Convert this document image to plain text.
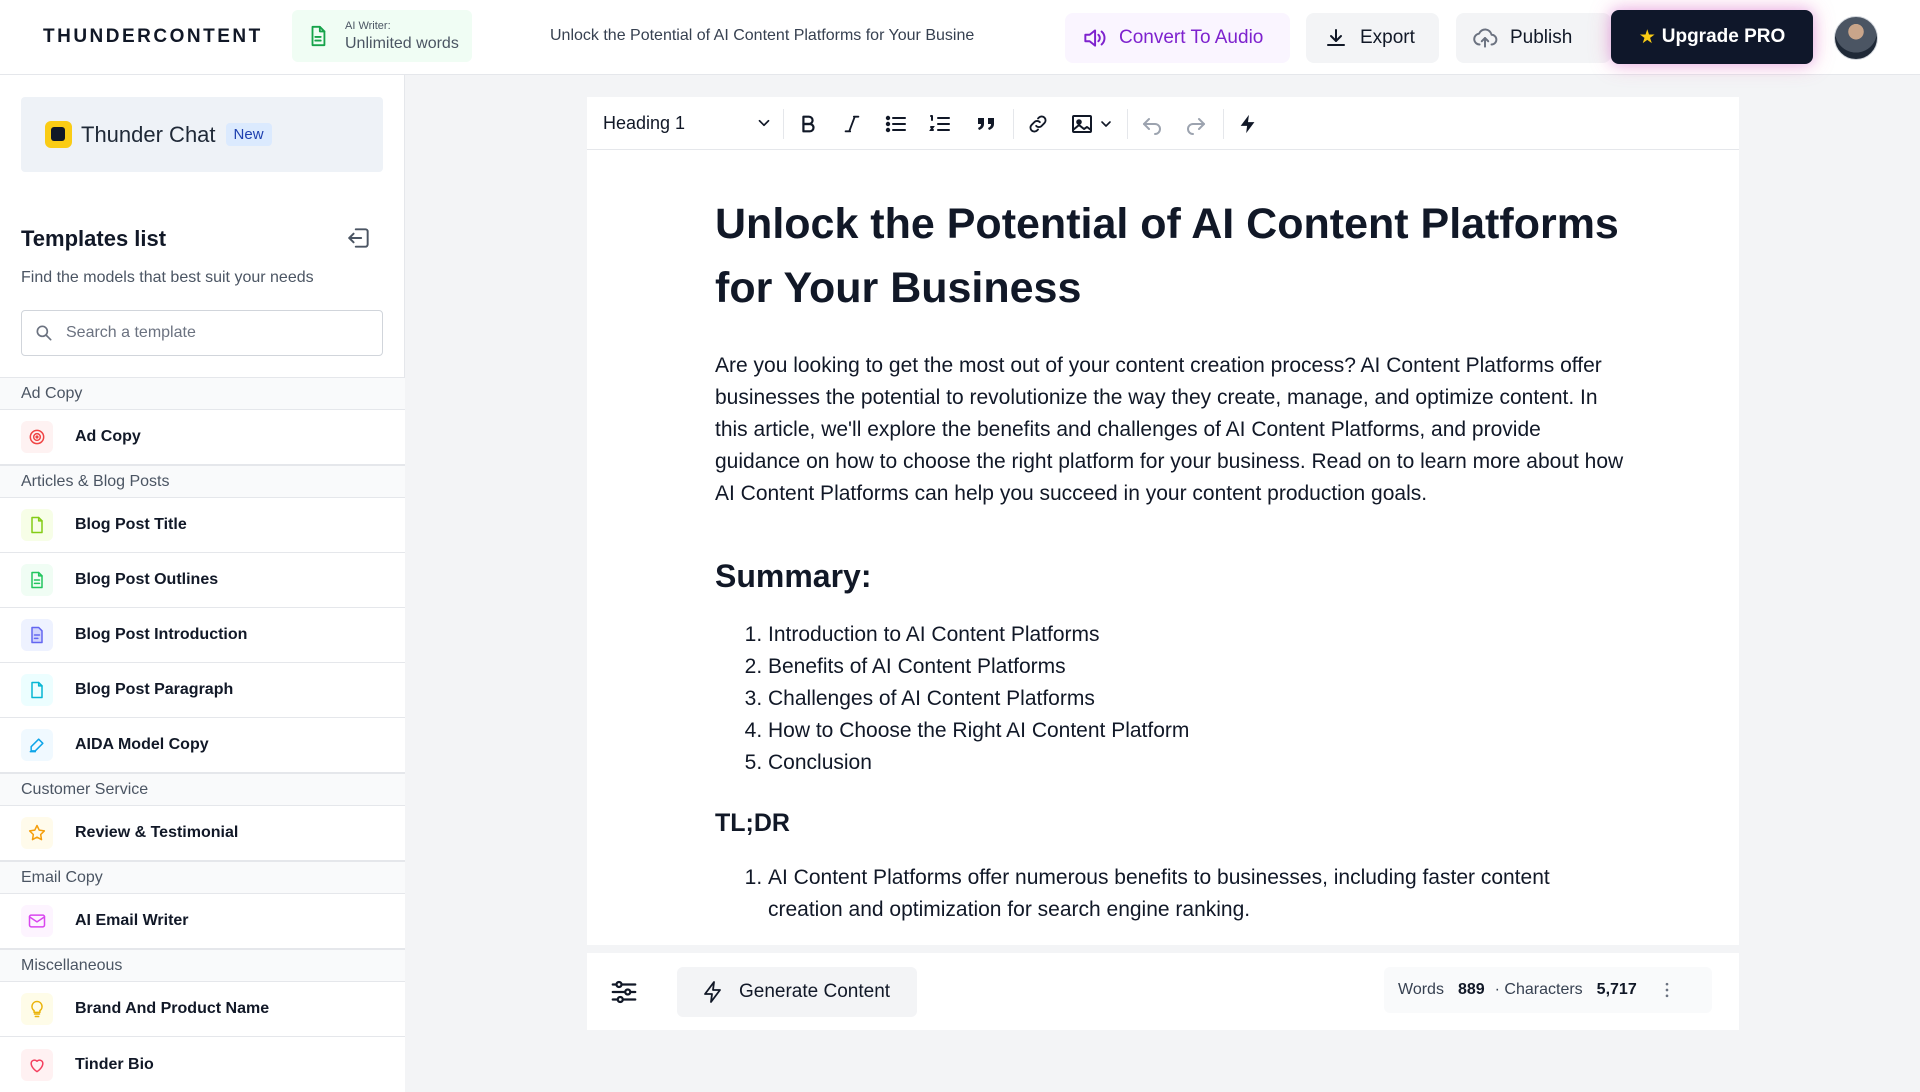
THUNDERCONTENT	AI Writer:
Unlimited words	Unlock the Potential of AI Content Platforms for Your Busine	Convert To Audio	Export	Publish	★ Upgrade PRO
Thunder Chat	New
Templates list
Find the models that best suit your needs
Search a template
Ad Copy
Ad Copy
Articles & Blog Posts
Blog Post Title
Blog Post Outlines
Blog Post Introduction
Blog Post Paragraph
AIDA Model Copy
Customer Service
Review & Testimonial
Email Copy
AI Email Writer
Miscellaneous
Brand And Product Name
Tinder Bio
Heading 1
Unlock the Potential of AI Content Platforms for Your Business

Are you looking to get the most out of your content creation process? AI Content Platforms offer businesses the potential to revolutionize the way they create, manage, and optimize content. In this article, we'll explore the benefits and challenges of AI Content Platforms, and provide guidance on how to choose the right platform for your business. Read on to learn more about how AI Content Platforms can help you succeed in your content production goals.

Summary:
1. Introduction to AI Content Platforms
2. Benefits of AI Content Platforms
3. Challenges of AI Content Platforms
4. How to Choose the Right AI Content Platform
5. Conclusion
TL;DR
1. AI Content Platforms offer numerous benefits to businesses, including faster content creation and optimization for search engine ranking.
Generate Content	Words 889 · Characters 5,717
